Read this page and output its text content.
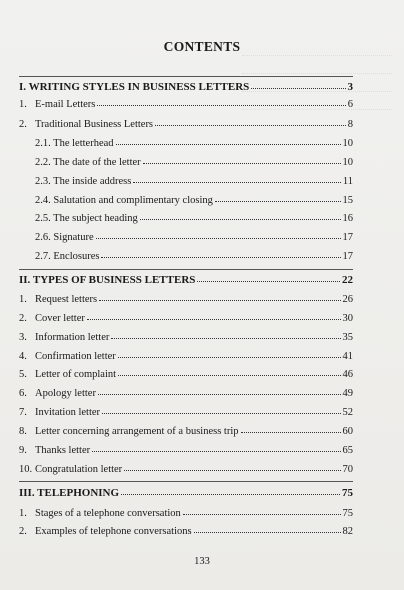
CONTENTS
I. WRITING STYLES IN BUSINESS LETTERS	3
1. E-mail Letters	6
2. Traditional Business Letters	8
2.1. The letterhead	10
2.2. The date of the letter	10
2.3. The inside address	11
2.4. Salutation and complimentary closing	15
2.5. The subject heading	16
2.6. Signature	17
2.7. Enclosures	17
II. TYPES OF BUSINESS LETTERS	22
1. Request letters	26
2. Cover letter	30
3. Information letter	35
4. Confirmation letter	41
5. Letter of complaint	46
6. Apology letter	49
7. Invitation letter	52
8. Letter concerning arrangement of a business trip	60
9. Thanks letter	65
10. Congratulation letter	70
III. TELEPHONING	75
1. Stages of a telephone conversation	75
2. Examples of telephone conversations	82
133
